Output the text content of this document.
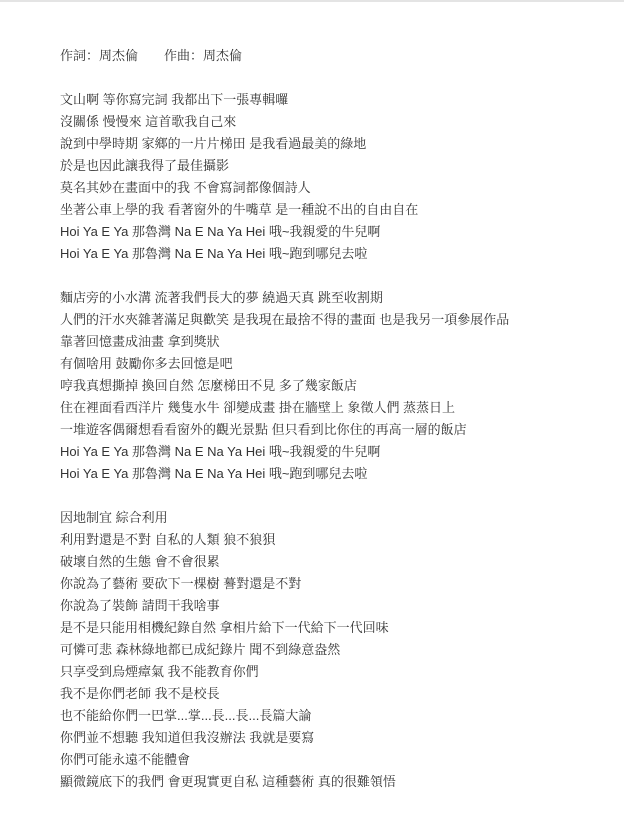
作詞：周杰倫 作曲：周杰倫
文山啊 等你寫完詞 我都出下一張專輯囉
沒關係 慢慢來 這首歌我自己來
說到中學時期 家鄉的一片片梯田 是我看過最美的綠地
於是也因此讓我得了最佳攝影
莫名其妙在畫面中的我 不會寫詞都像個詩人
坐著公車上學的我 看著窗外的牛嘴草 是一種說不出的自由自在
Hoi Ya E Ya 那魯灣 Na E Na Ya Hei 哦~我親愛的牛兒啊
Hoi Ya E Ya 那魯灣 Na E Na Ya Hei 哦~跑到哪兒去啦
麵店旁的小水溝 流著我們長大的夢 繞過天真 跳至收割期
人們的汗水夾雜著滿足與歡笑 是我現在最捨不得的畫面 也是我另一項參展作品
靠著回憶畫成油畫 拿到獎狀
有個啥用 鼓勵你多去回憶是吧
哼我真想撕掉 換回自然 怎麼梯田不見 多了幾家飯店
住在裡面看西洋片 幾隻水牛 卻變成畫 掛在牆壁上 象徵人們 蒸蒸日上
一堆遊客偶爾想看看窗外的觀光景點 但只看到比你住的再高一層的飯店
Hoi Ya E Ya 那魯灣 Na E Na Ya Hei 哦~我親愛的牛兒啊
Hoi Ya E Ya 那魯灣 Na E Na Ya Hei 哦~跑到哪兒去啦
因地制宜 綜合利用
利用對還是不對 自私的人類 狼不狼狽
破壞自然的生態 會不會很累
你說為了藝術 要砍下一棵樹 謩對還是不對
你說為了裝飾 請問干我啥事
是不是只能用相機紀錄自然 拿相片給下一代給下一代回味
可憐可悲 森林綠地都已成紀錄片 聞不到綠意盎然
只享受到烏煙瘴氣 我不能教育你們
我不是你們老師 我不是校長
也不能給你們一巴掌...掌...長...長...長篇大論
你們並不想聽 我知道但我沒辦法 我就是要寫
你們可能永遠不能體會
顯微鏡底下的我們 會更現實更自私 這種藝術 真的很難領悟
